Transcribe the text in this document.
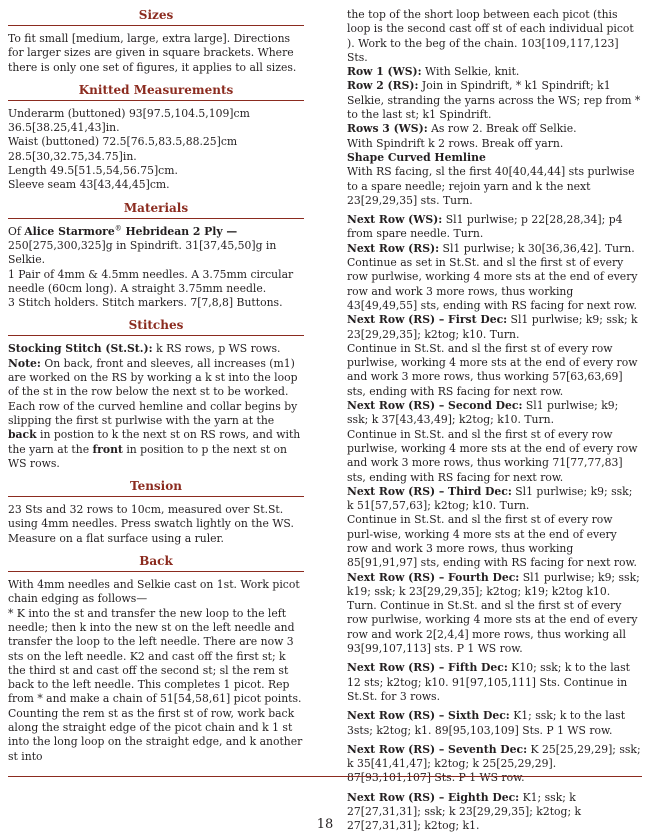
Sizes

To fit small [medium, large, extra large]. Directions for larger sizes are given in square brackets. Where there is only one set of figures, it applies to all sizes.

Knitted Measurements

Underarm (buttoned) 93[97.5,104.5,109]cm

36.5[38.25,41,43]in.

Waist (buttoned) 72.5[76.5,83.5,88.25]cm

28.5[30,32.75,34.75]in.

Length 49.5[51.5,54,56.75]cm.

Sleeve seam 43[43,44,45]cm.

Materials

Of Alice Starmore® Hebridean 2 Ply —

250[275,300,325]g in Spindrift. 31[37,45,50]g in Selkie.

1 Pair of 4mm & 4.5mm needles. A 3.75mm circular

needle (60cm long). A straight 3.75mm needle.

3 Stitch holders. Stitch markers. 7[7,8,8] Buttons.

Stitches

Stocking Stitch (St.St.): k RS rows, p WS rows.

Note: On back, front and sleeves, all increases (m1) are worked on the RS by working a k st into the loop of the st in the row below the next st to be worked. Each row of the curved hemline and collar begins by slipping the first st purlwise with the yarn at the back in postion to k the next st on RS rows, and with the yarn at the front in position to p the next st on WS rows.

Tension

23 Sts and 32 rows to 10cm, measured over St.St. using 4mm needles. Press swatch lightly on the WS. Measure on a flat surface using a ruler.

Back

With 4mm needles and Selkie cast on 1st. Work picot chain edging as follows—

* K into the st and transfer the new loop to the left needle; then k into the new st on the left needle and transfer the loop to the left needle. There are now 3 sts on the left needle. K2 and cast off the first st; k the third st and cast off the second st; sl the rem st back to the left needle. This completes 1 picot. Rep from * and make a chain of 51[54,58,61] picot points.

Counting the rem st as the first st of row, work back along the straight edge of the picot chain and k 1 st into the long loop on the straight edge, and k another st into

the top of the short loop between each picot (this loop is the second cast off st of each individual picot ). Work to the beg of the chain. 103[109,117,123] Sts.

Row 1 (WS): With Selkie, knit.

Row 2 (RS): Join in Spindrift, * k1 Spindrift; k1 Selkie, stranding the yarns across the WS; rep from * to the last st; k1 Spindrift.

Rows 3 (WS): As row 2. Break off Selkie.

With Spindrift k 2 rows. Break off yarn.

Shape Curved Hemline

With RS facing, sl the first 40[40,44,44] sts purlwise to a spare needle; rejoin yarn and k the next 23[29,29,35] sts. Turn.

Next Row (WS): Sl1 purlwise; p 22[28,28,34]; p4 from spare needle. Turn.

Next Row (RS): Sl1 purlwise; k 30[36,36,42]. Turn.

Continue as set in St.St. and sl the first st of every row purlwise, working 4 more sts at the end of every row and work 3 more rows, thus working 43[49,49,55] sts, ending with RS facing for next row.

Next Row (RS) – First Dec: Sl1 purlwise; k9; ssk; k 23[29,29,35]; k2tog; k10. Turn.

Continue in St.St. and sl the first st of every row purlwise, working 4 more sts at the end of every row and work 3 more rows, thus working 57[63,63,69] sts, ending with RS facing for next row.

Next Row (RS) – Second Dec: Sl1 purlwise; k9; ssk; k 37[43,43,49]; k2tog; k10. Turn.

Continue in St.St. and sl the first st of every row purlwise, working 4 more sts at the end of every row and work 3 more rows, thus working 71[77,77,83] sts, ending with RS facing for next row.

Next Row (RS) – Third Dec: Sl1 purlwise; k9; ssk; k 51[57,57,63]; k2tog; k10. Turn.

Continue in St.St. and sl the first st of every row purl-wise, working 4 more sts at the end of every row and work 3 more rows, thus working 85[91,91,97] sts, ending with RS facing for next row.

Next Row (RS) – Fourth Dec: Sl1 purlwise; k9; ssk; k19; ssk; k 23[29,29,35]; k2tog; k19; k2tog k10. Turn. Continue in St.St. and sl the first st of every row purlwise, working 4 more sts at the end of every row and work 2[2,4,4] more rows, thus working all 93[99,107,113] sts. P 1 WS row.

Next Row (RS) – Fifth Dec: K10; ssk; k to the last 12 sts; k2tog; k10. 91[97,105,111] Sts. Continue in St.St. for 3 rows.

Next Row (RS) – Sixth Dec: K1; ssk; k to the last 3sts; k2tog; k1. 89[95,103,109] Sts. P 1 WS row.

Next Row (RS) – Seventh Dec: K 25[25,29,29]; ssk; k 35[41,41,47]; k2tog; k 25[25,29,29]. 87[93,101,107] Sts. P 1 WS row.

Next Row (RS) – Eighth Dec: K1; ssk; k 27[27,31,31]; ssk; k 23[29,29,35]; k2tog; k 27[27,31,31]; k2tog; k1.

18
